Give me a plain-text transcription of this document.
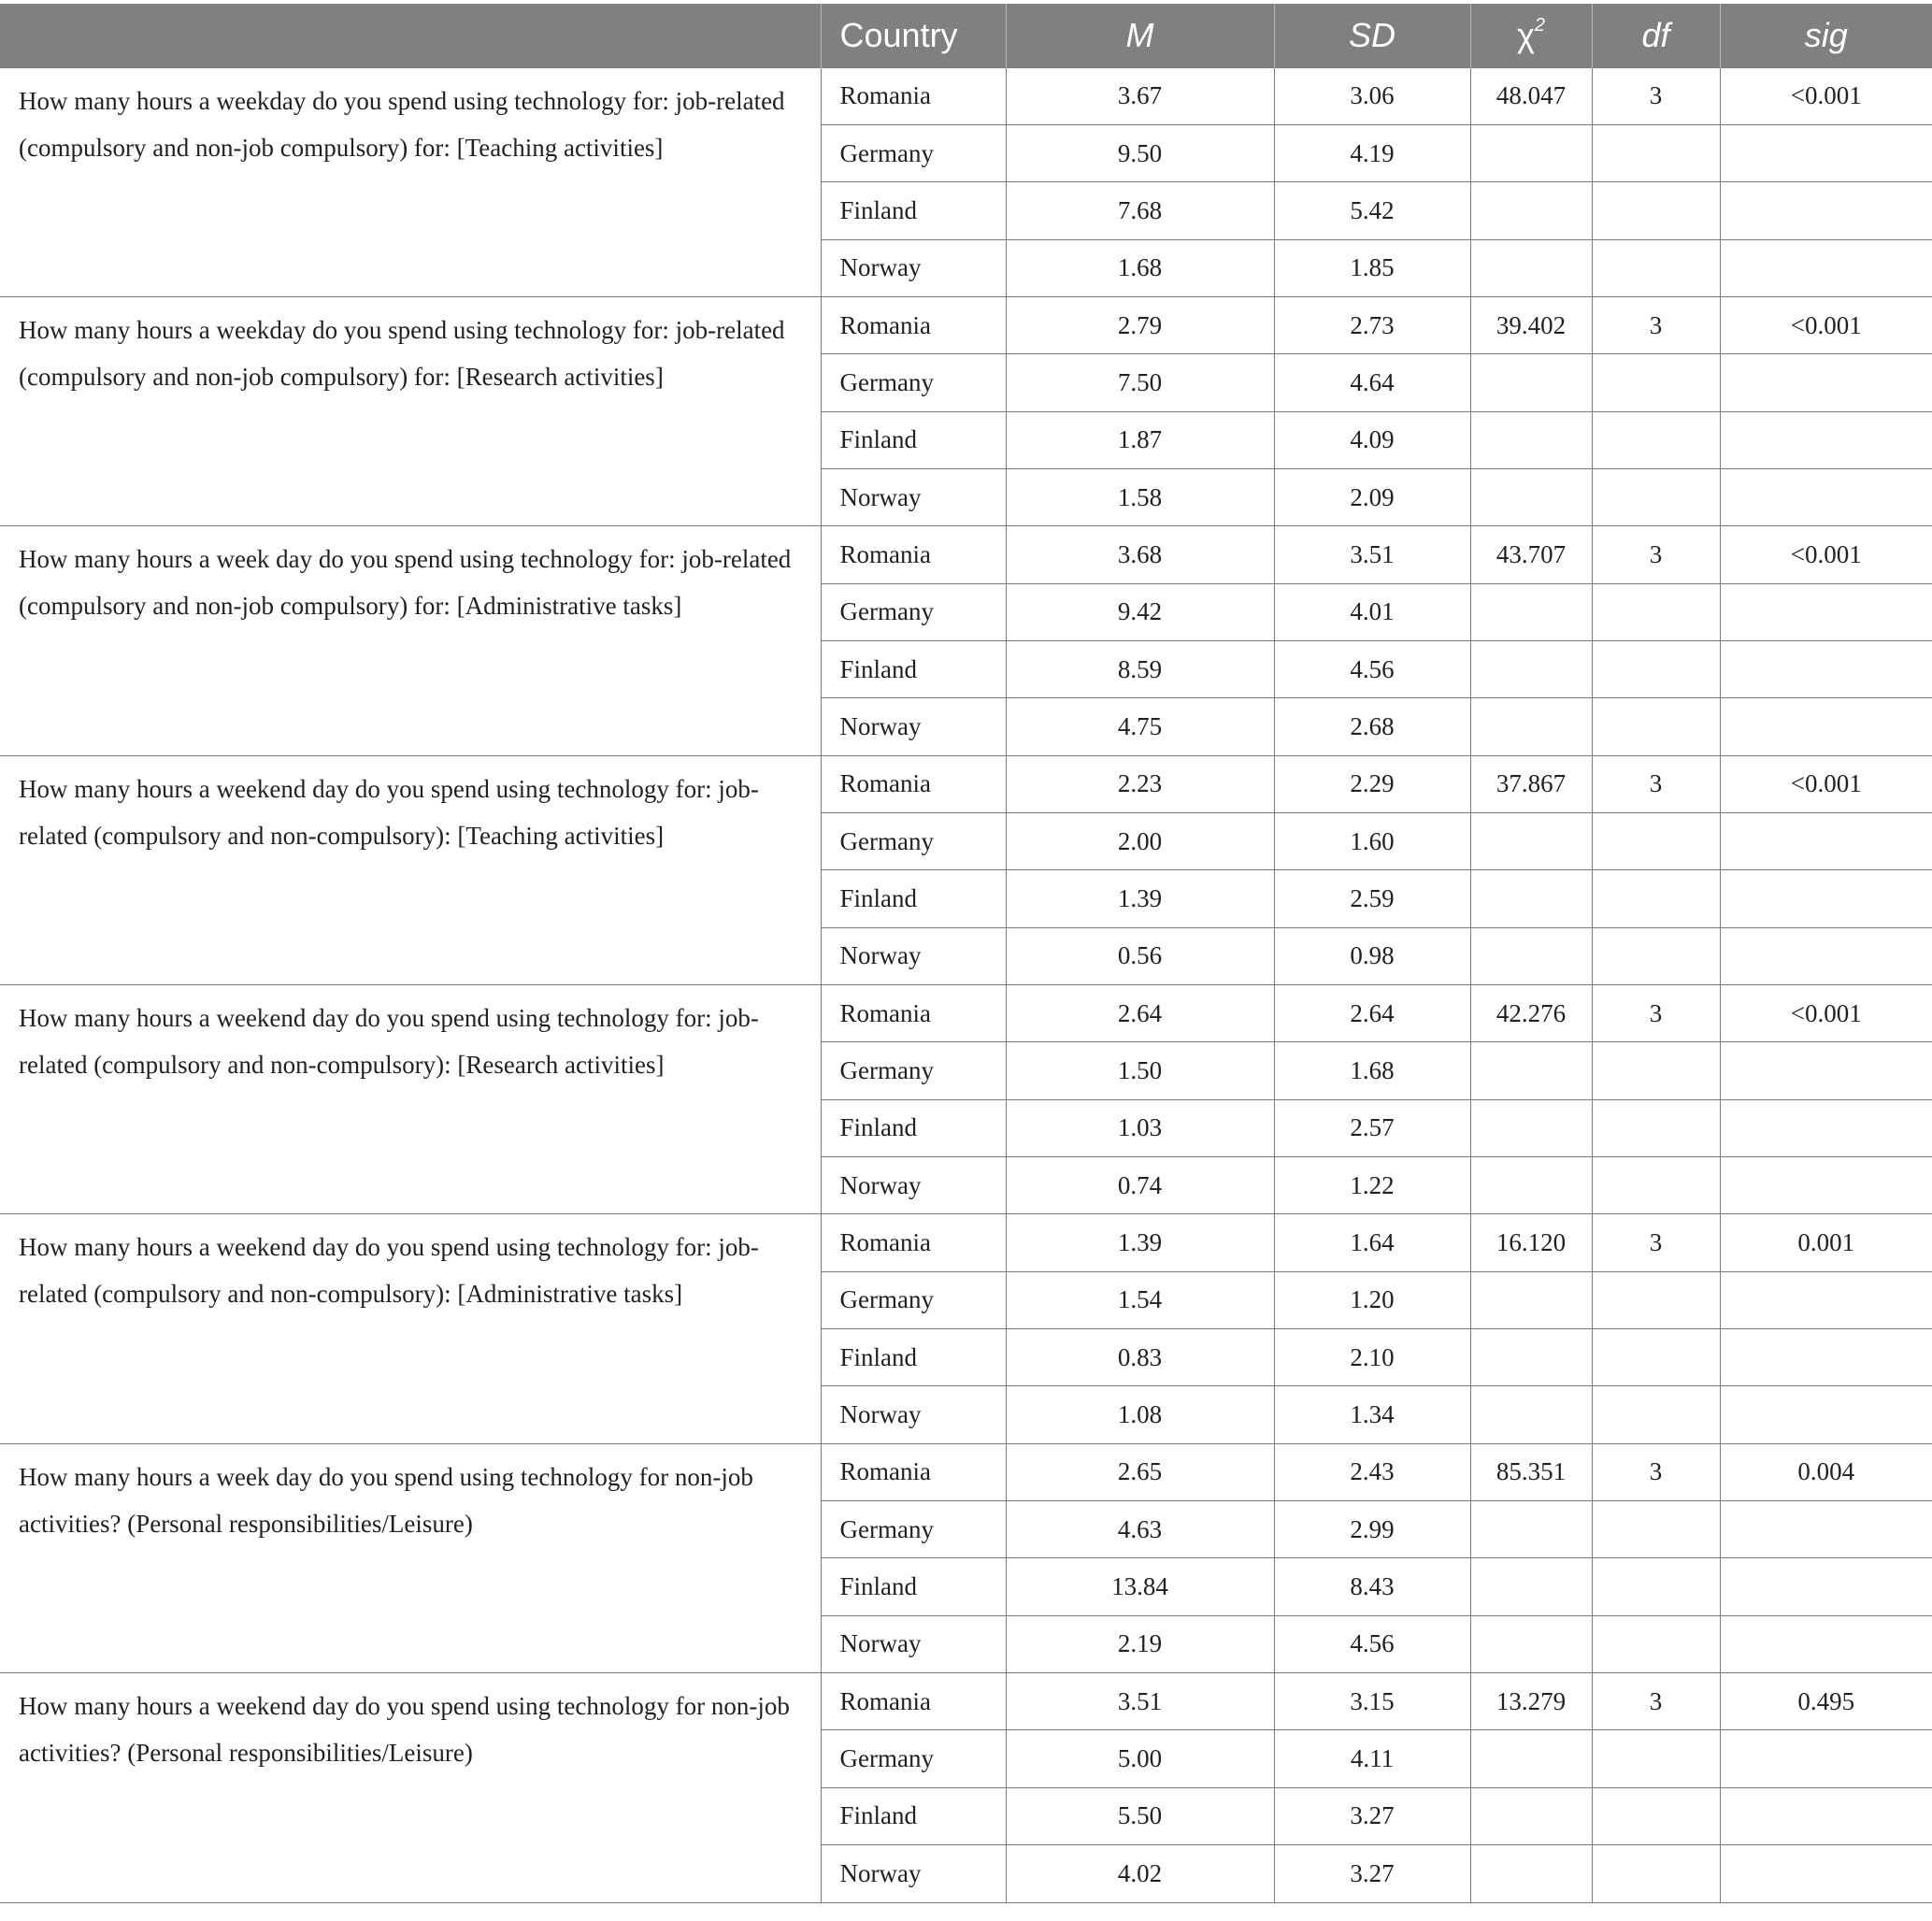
	Country	M	SD	$\chi^2$	df	sig
How many hours a weekday do you spend using technology for: job-related (compulsory and non-job compulsory) for: [Teaching activities]	Romania	3.67	3.06	48.047	3	<0.001
	Germany	9.50	4.19			
	Finland	7.68	5.42			
	Norway	1.68	1.85			
How many hours a weekday do you spend using technology for: job-related (compulsory and non-job compulsory) for: [Research activities]	Romania	2.79	2.73	39.402	3	<0.001
	Germany	7.50	4.64			
	Finland	1.87	4.09			
	Norway	1.58	2.09			
How many hours a week day do you spend using technology for: job-related (compulsory and non-job compulsory) for: [Administrative tasks]	Romania	3.68	3.51	43.707	3	<0.001
	Germany	9.42	4.01			
	Finland	8.59	4.56			
	Norway	4.75	2.68			
How many hours a weekend day do you spend using technology for: job-related (compulsory and non-compulsory): [Teaching activities]	Romania	2.23	2.29	37.867	3	<0.001
	Germany	2.00	1.60			
	Finland	1.39	2.59			
	Norway	0.56	0.98			
How many hours a weekend day do you spend using technology for: job-related (compulsory and non-compulsory): [Research activities]	Romania	2.64	2.64	42.276	3	<0.001
	Germany	1.50	1.68			
	Finland	1.03	2.57			
	Norway	0.74	1.22			
How many hours a weekend day do you spend using technology for: job-related (compulsory and non-compulsory): [Administrative tasks]	Romania	1.39	1.64	16.120	3	0.001
	Germany	1.54	1.20			
	Finland	0.83	2.10			
	Norway	1.08	1.34			
How many hours a week day do you spend using technology for non-job activities? (Personal responsibilities/Leisure)	Romania	2.65	2.43	85.351	3	0.004
	Germany	4.63	2.99			
	Finland	13.84	8.43			
	Norway	2.19	4.56			
How many hours a weekend day do you spend using technology for non-job activities? (Personal responsibilities/Leisure)	Romania	3.51	3.15	13.279	3	0.495
	Germany	5.00	4.11			
	Finland	5.50	3.27			
	Norway	4.02	3.27			
